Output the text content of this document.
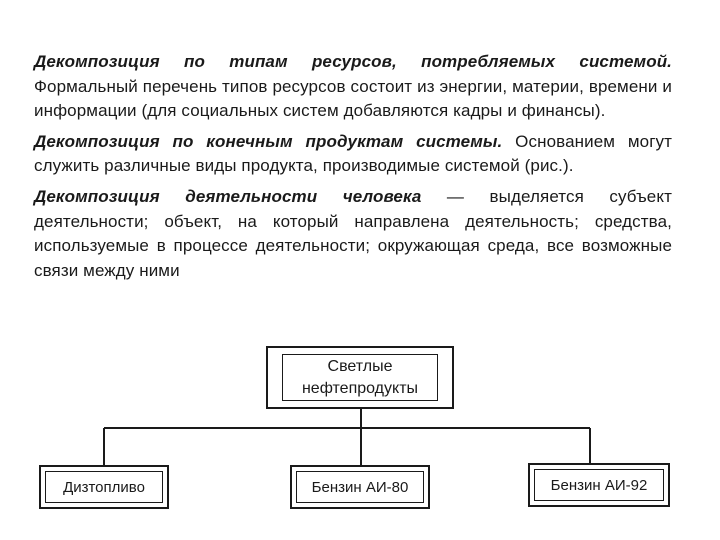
Декомпозиция по типам ресурсов, потребляемых системой. Формальный перечень типов ресурсов состоит из энергии, материи, времени и информации (для социальных систем добавляются кадры и финансы).

Декомпозиция по конечным продуктам системы. Основанием могут служить различные виды продукта, производимые системой (рис.).

Декомпозиция деятельности человека — выделяется субъект деятельности; объект, на который направлена деятельность; средства, используемые в процессе деятельности; окружающая среда, все возможные связи между ними

Светлые нефтепродукты
Дизтопливо	Бензин АИ-80	Бензин АИ-92
